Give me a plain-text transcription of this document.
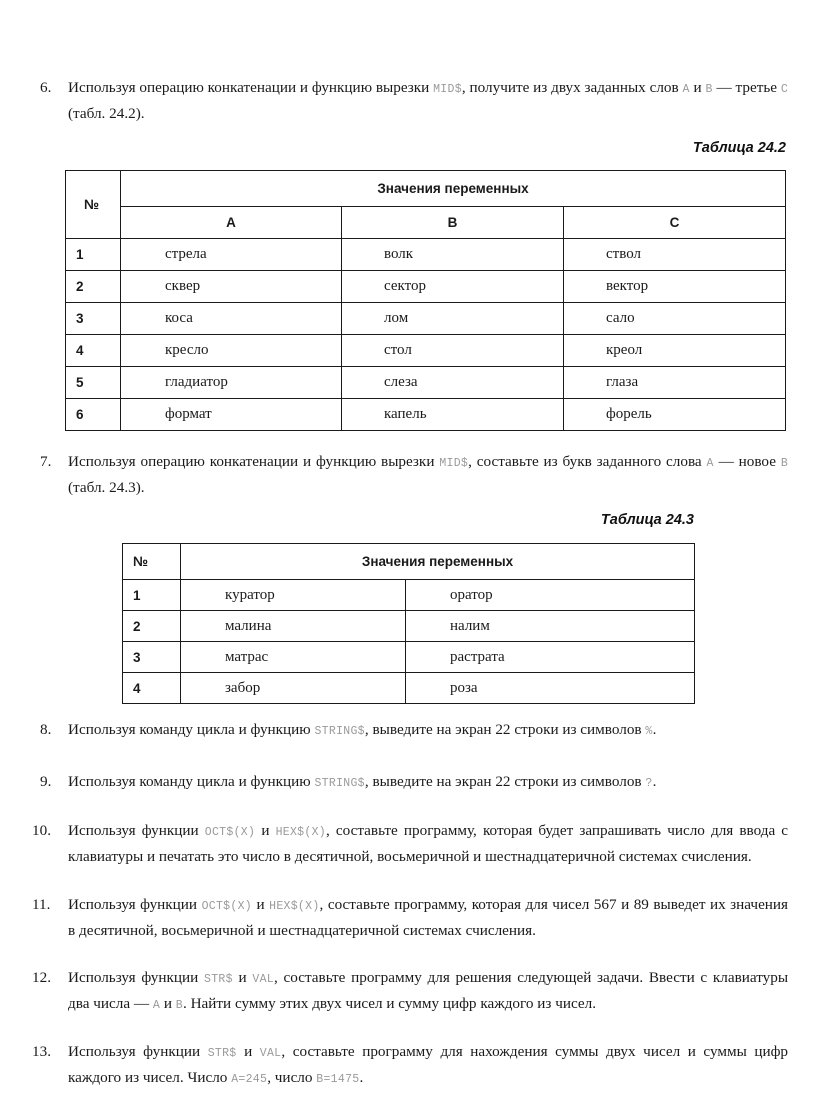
6.	Используя операцию конкатенации и функцию вырезки MID$, получите из двух заданных слов A и B — третье C (табл. 24.2).
Таблица 24.2
№	Значения переменных		
	A	B	C
1	стрела	волк	ствол
2	сквер	сектор	вектор
3	коса	лом	сало
4	кресло	стол	креол
5	гладиатор	слеза	глаза
6	формат	капель	форель
7.	Используя операцию конкатенации и функцию вырезки MID$, составьте из букв заданного слова A — новое B (табл. 24.3).
Таблица 24.3
№	Значения переменных	
1	куратор	оратор
2	малина	налим
3	матрас	растрата
4	забор	роза
8.	Используя команду цикла и функцию STRING$, выведите на экран 22 строки из символов %.
9.	Используя команду цикла и функцию STRING$, выведите на экран 22 строки из символов ?.
10.	Используя функции OCT$(X) и HEX$(X), составьте программу, которая будет запрашивать число для ввода с клавиатуры и печатать это число в десятичной, восьмеричной и шестнадцатеричной системах счисления.
11.	Используя функции OCT$(X) и HEX$(X), составьте программу, которая для чисел 567 и 89 выведет их значения в десятичной, восьмеричной и шестнадцатеричной системах счисления.
12.	Используя функции STR$ и VAL, составьте программу для решения следующей задачи. Ввести с клавиатуры два числа — A и B. Найти сумму этих двух чисел и сумму цифр каждого из чисел.
13.	Используя функции STR$ и VAL, составьте программу для нахождения суммы двух чисел и суммы цифр каждого из чисел. Число A=245, число B=1475.
